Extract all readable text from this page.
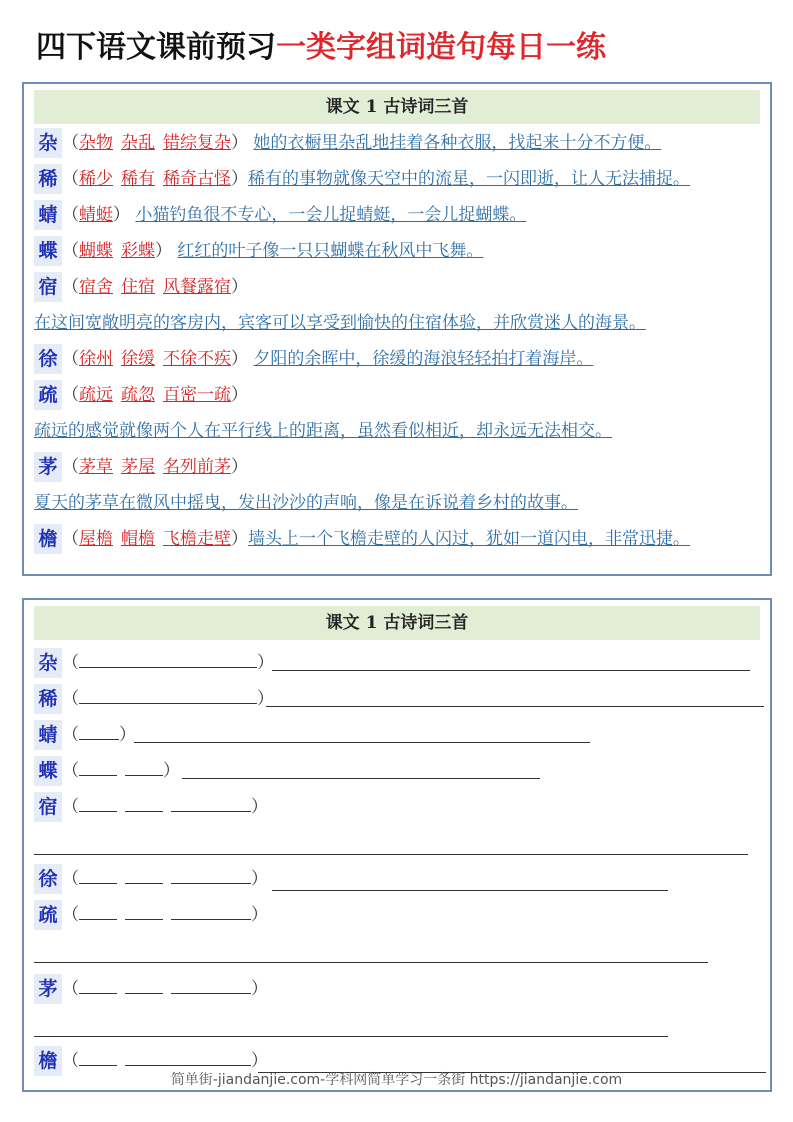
四下语文课前预习一类字组词造句每日一练
课文 1 古诗词三首
杂 （杂物 杂乱 错综复杂） 她的衣橱里杂乱地挂着各种衣服，找起来十分不方便。
稀 （稀少 稀有 稀奇古怪）稀有的事物就像天空中的流星，一闪即逝，让人无法捕捉。
蜻 （蜻蜓） 小猫钓鱼很不专心，一会儿捉蜻蜓，一会儿捉蝴蝶。
蝶 （蝴蝶 彩蝶） 红红的叶子像一只只蝴蝶在秋风中飞舞。
宿 （宿舍 住宿 风餐露宿）
在这间宽敞明亮的客房内，宾客可以享受到愉快的住宿体验，并欣赏迷人的海景。
徐 （徐州 徐缓 不徐不疾） 夕阳的余晖中，徐缓的海浪轻轻拍打着海岸。
疏 （疏远 疏忽 百密一疏）
疏远的感觉就像两个人在平行线上的距离，虽然看似相近，却永远无法相交。
茅 （茅草 茅屋 名列前茅）
夏天的茅草在微风中摇曳，发出沙沙的声响，像是在诉说着乡村的故事。
檐 （屋檐 帽檐 飞檐走壁）墙头上一个飞檐走壁的人闪过，犹如一道闪电，非常迅捷。
课文 1 古诗词三首
杂 （	）
稀 （	）
蜻 （ ）
蝶 （	）
宿 （	）
徐 （	）
疏 （	）
茅 （	）
檐 （	）
简单街-jiandanjie.com-学科网简单学习一条街 https://jiandanjie.com
